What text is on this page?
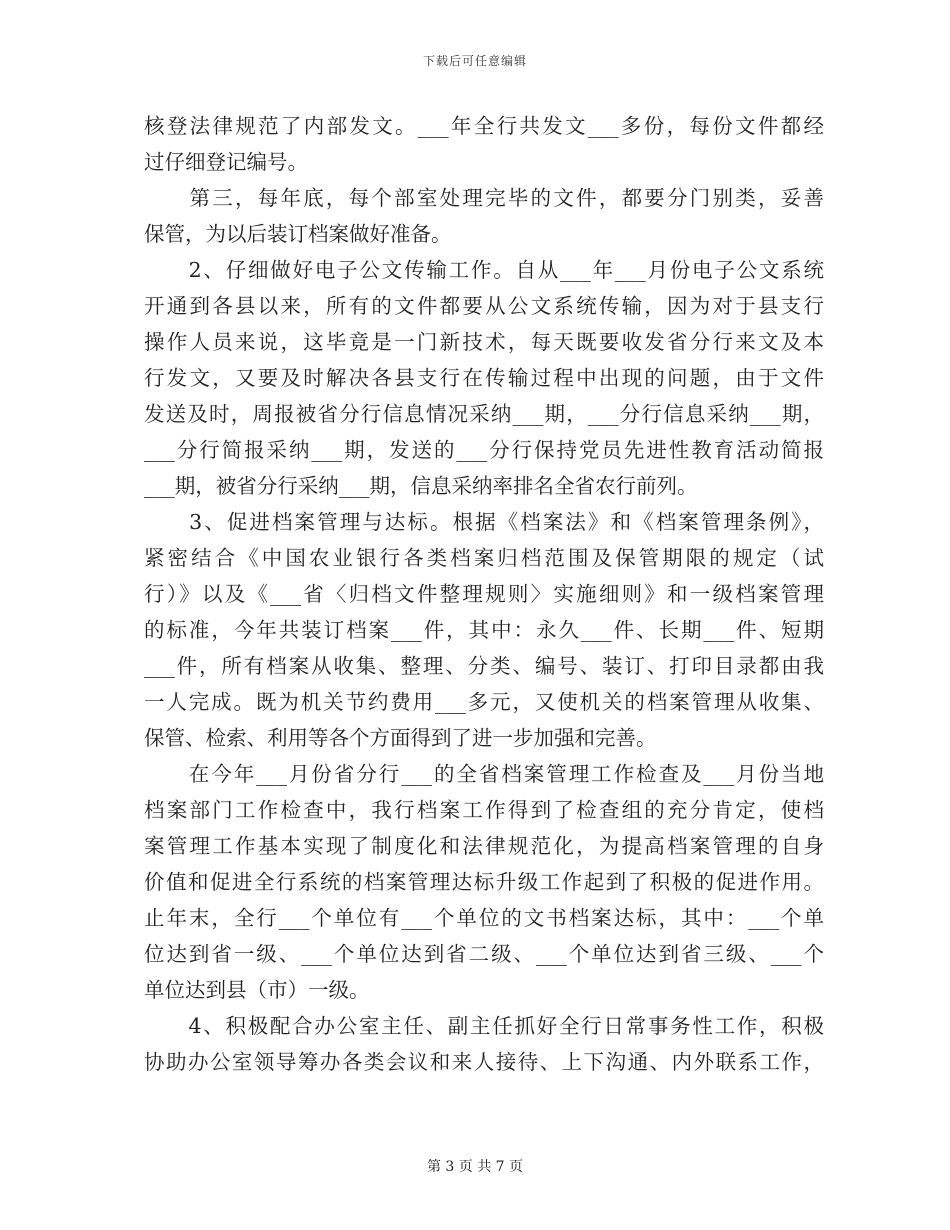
下载后可任意编辑

核登法律规范了内部发文。___年全行共发文___多份，每份文件都经
过仔细登记编号。

　　第三，每年底，每个部室处理完毕的文件，都要分门别类，妥善
保管，为以后装订档案做好准备。

　　2、仔细做好电子公文传输工作。自从___年___月份电子公文系统
开通到各县以来，所有的文件都要从公文系统传输，因为对于县支行
操作人员来说，这毕竟是一门新技术，每天既要收发省分行来文及本
行发文，又要及时解决各县支行在传输过程中出现的问题，由于文件
发送及时，周报被省分行信息情况采纳___期，___分行信息采纳___期，
___分行简报采纳___期，发送的___分行保持党员先进性教育活动简报
___期，被省分行采纳___期，信息采纳率排名全省农行前列。

　　3、促进档案管理与达标。根据《档案法》和《档案管理条例》，
紧密结合《中国农业银行各类档案归档范围及保管期限的规定（试
行）》以及《___省〈归档文件整理规则〉实施细则》和一级档案管理
的标准，今年共装订档案___件，其中：永久___件、长期___件、短期
___件，所有档案从收集、整理、分类、编号、装订、打印目录都由我
一人完成。既为机关节约费用___多元，又使机关的档案管理从收集、
保管、检索、利用等各个方面得到了进一步加强和完善。

　　在今年___月份省分行___的全省档案管理工作检查及___月份当地
档案部门工作检查中，我行档案工作得到了检查组的充分肯定，使档
案管理工作基本实现了制度化和法律规范化，为提高档案管理的自身
价值和促进全行系统的档案管理达标升级工作起到了积极的促进作用。
止年末，全行___个单位有___个单位的文书档案达标，其中：___个单
位达到省一级、___个单位达到省二级、___个单位达到省三级、___个
单位达到县（市）一级。

　　4、积极配合办公室主任、副主任抓好全行日常事务性工作，积极
协助办公室领导筹办各类会议和来人接待、上下沟通、内外联系工作，

第 3 页 共 7 页
